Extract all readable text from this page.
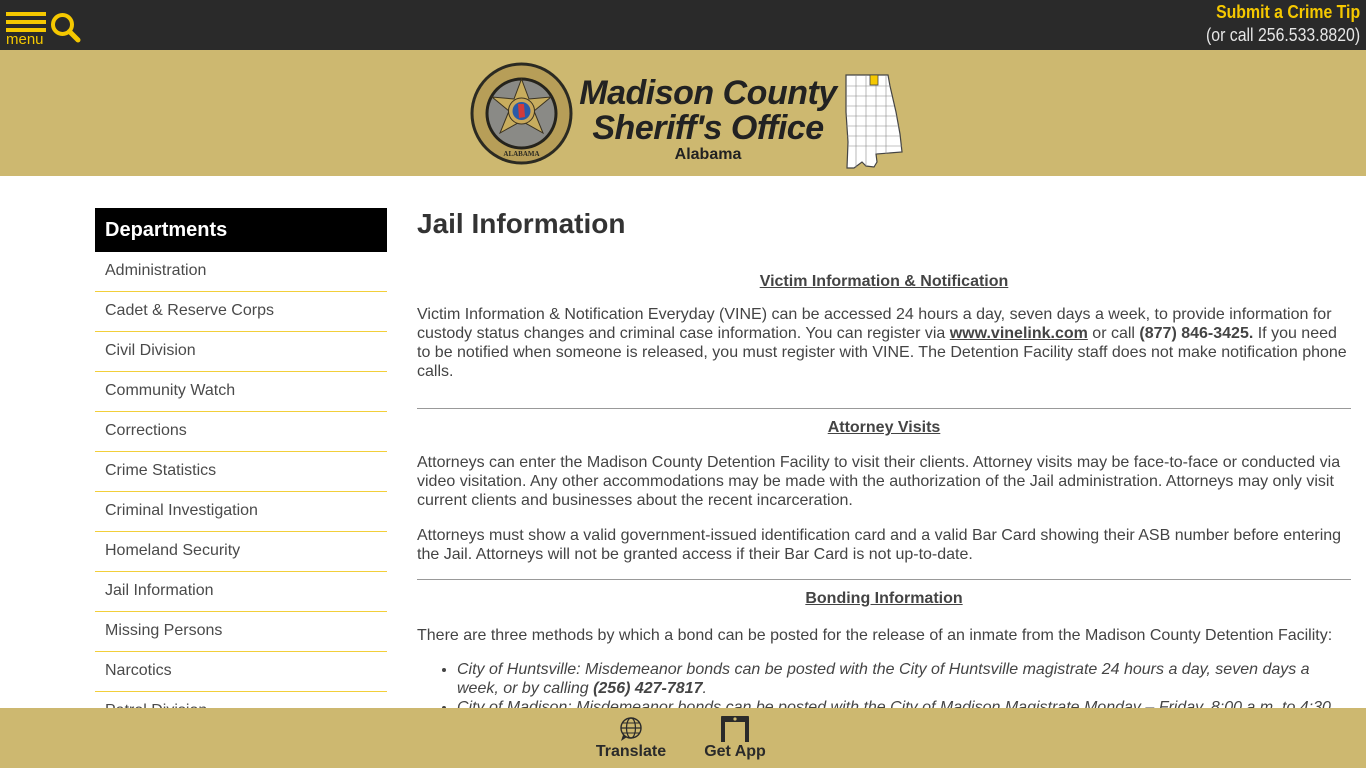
menu
Submit a Crime Tip
(or call 256.533.8820)
ALABAMA
Madison County
Sheriff's Office
Alabama
Departments
Administration
Cadet & Reserve Corps
Civil Division
Community Watch
Corrections
Crime Statistics
Criminal Investigation
Homeland Security
Jail Information
Missing Persons
Narcotics
Jail Information
Victim Information & Notification

Victim Information & Notification Everyday (VINE) can be accessed 24 hours a day, seven days a week, to provide information for custody status changes and criminal case information. You can register via www.vinelink.com or call (877) 846-3425. If you need to be notified when someone is released, you must register with VINE. The Detention Facility staff does not make notification phone calls.

Attorney Visits

Attorneys can enter the Madison County Detention Facility to visit their clients. Attorney visits may be face-to-face or conducted via video visitation. Any other accommodations may be made with the authorization of the Jail administration. Attorneys may only visit current clients and businesses about the recent incarceration.

Attorneys must show a valid government-issued identification card and a valid Bar Card showing their ASB number before entering the Jail. Attorneys will not be granted access if their Bar Card is not up-to-date.

Bonding Information

There are three methods by which a bond can be posted for the release of an inmate from the Madison County Detention Facility:

• City of Huntsville: Misdemeanor bonds can be posted with the City of Huntsville magistrate 24 hours a day, seven days a week, or by calling (256) 427-7817.
•
Translate Get App
